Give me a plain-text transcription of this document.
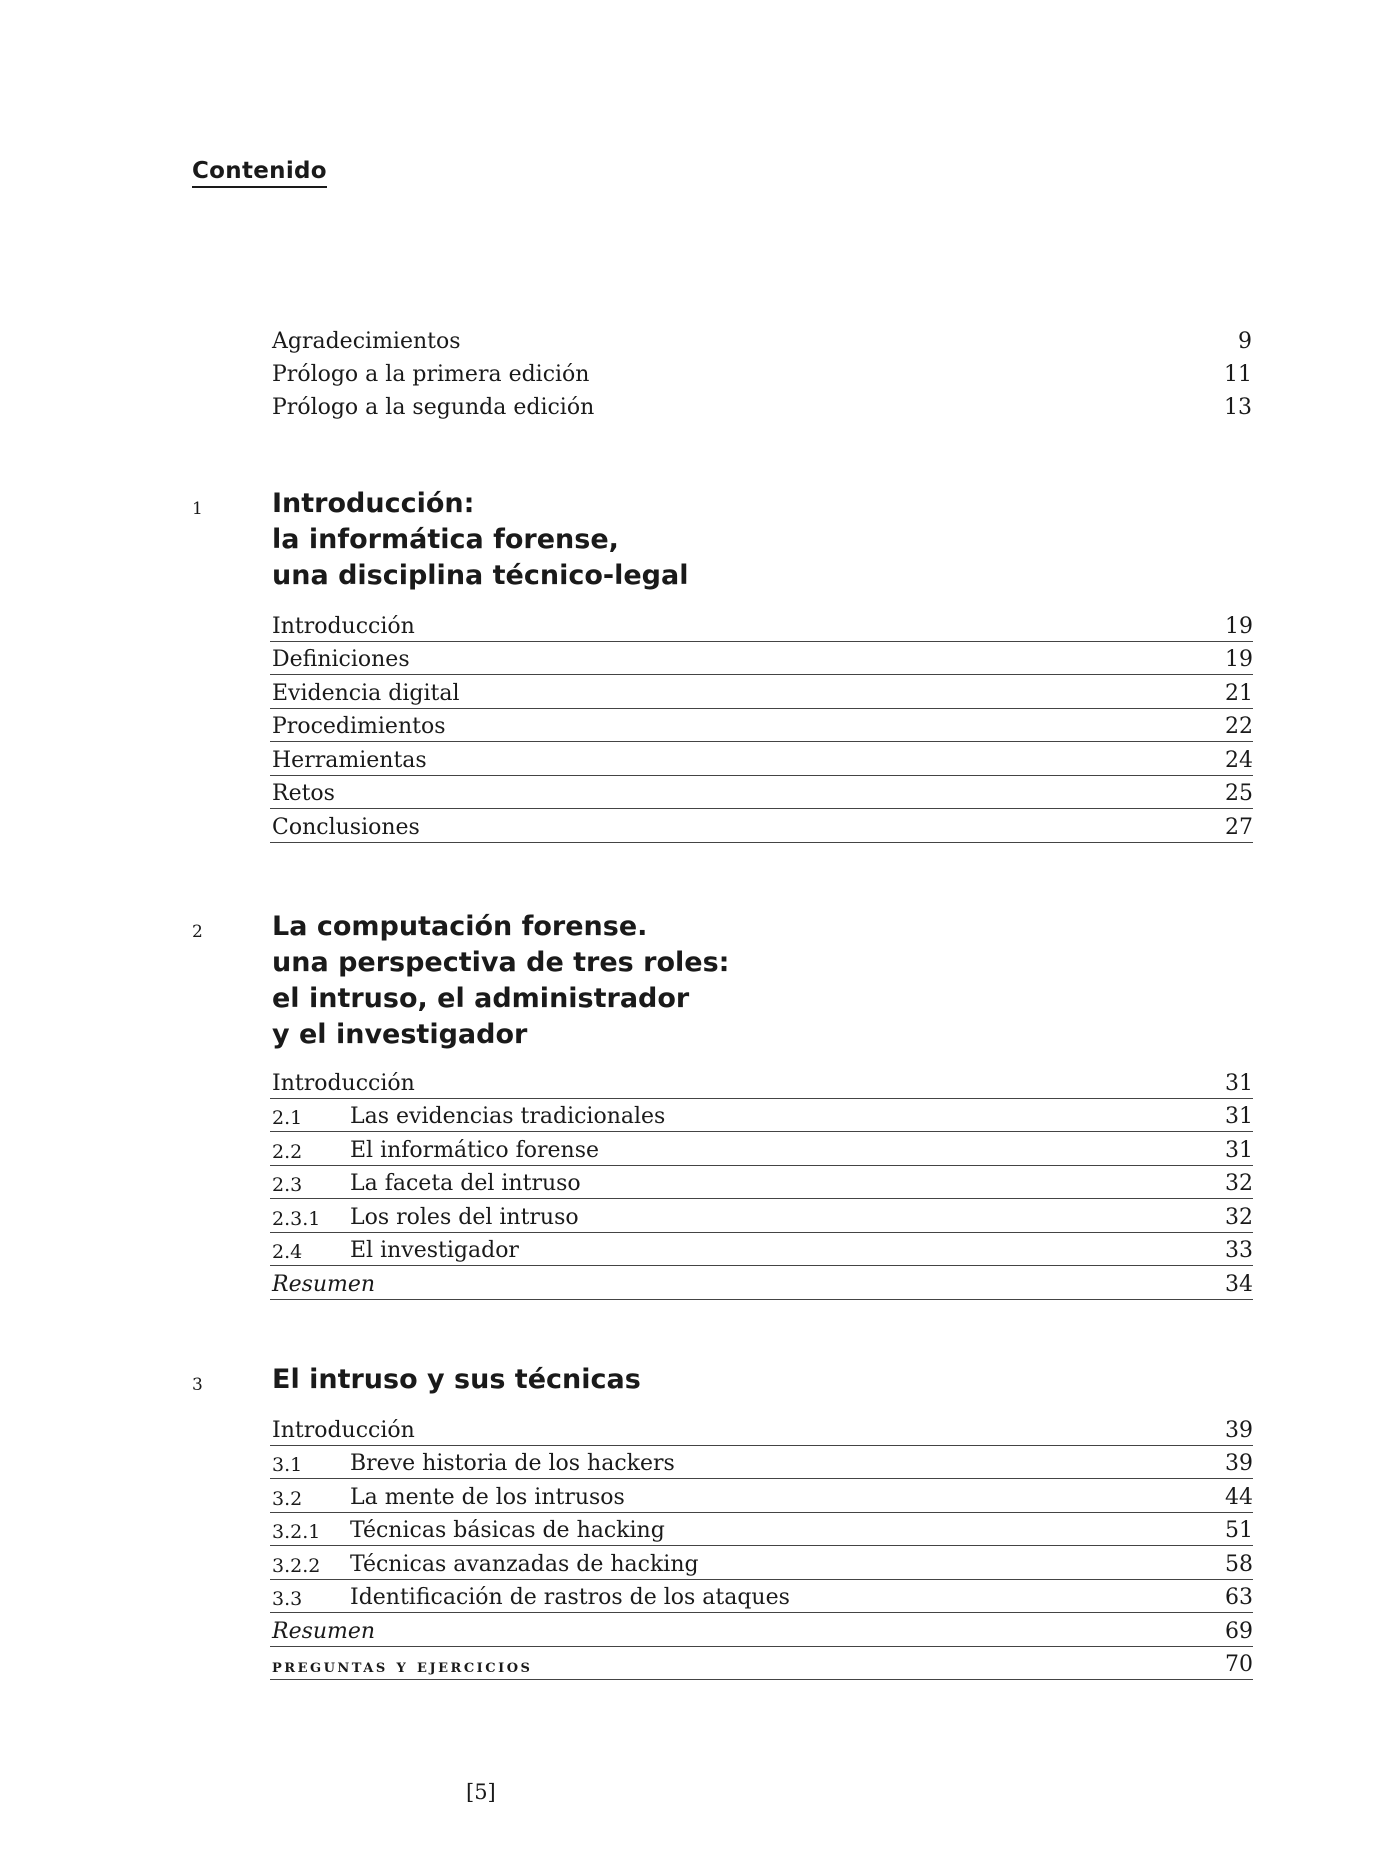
Contenido
Agradecimientos	9
Prólogo a la primera edición	11
Prólogo a la segunda edición	13
1	Introducción:
la informática forense,
una disciplina técnico-legal
Introducción	19
Definiciones	19
Evidencia digital	21
Procedimientos	22
Herramientas	24
Retos	25
Conclusiones	27
2	La computación forense.
una perspectiva de tres roles:
el intruso, el administrador
y el investigador
Introducción	31
2.1	Las evidencias tradicionales	31
2.2	El informático forense	31
2.3	La faceta del intruso	32
2.3.1	Los roles del intruso	32
2.4	El investigador	33
Resumen	34
3	El intruso y sus técnicas
Introducción	39
3.1	Breve historia de los hackers	39
3.2	La mente de los intrusos	44
3.2.1	Técnicas básicas de hacking	51
3.2.2	Técnicas avanzadas de hacking	58
3.3	Identificación de rastros de los ataques	63
Resumen	69
preguntas y ejercicios	70
[5]
